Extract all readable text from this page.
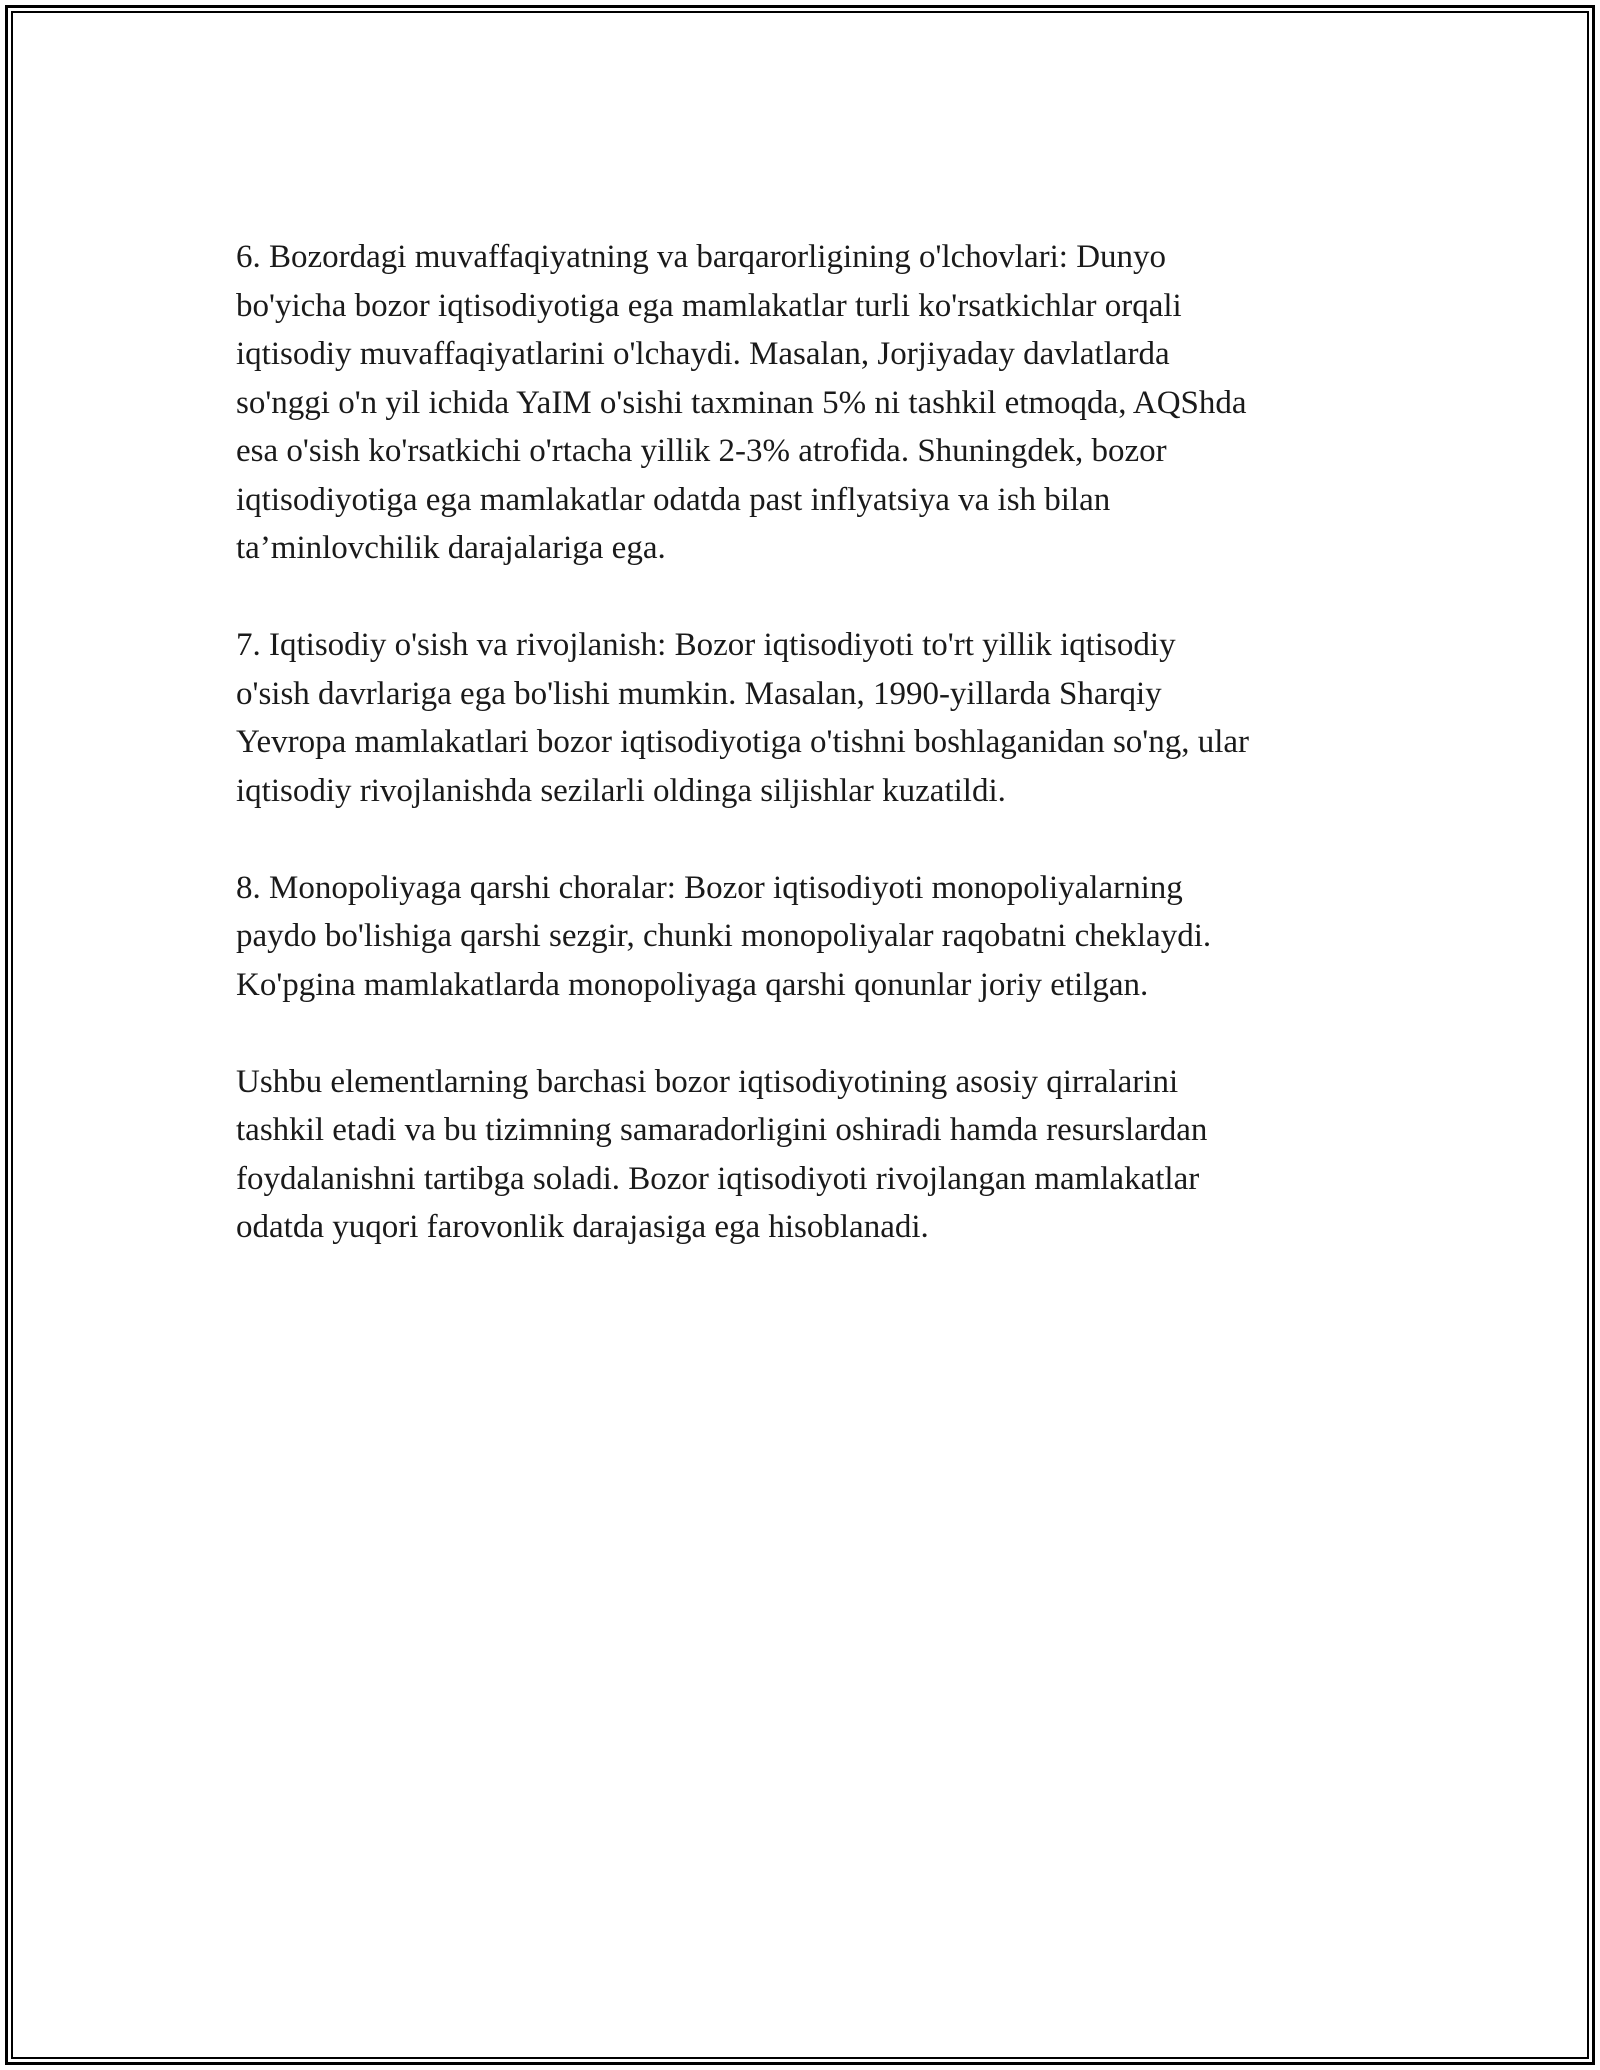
6. Bozordagi muvaffaqiyatning va barqarorligining o'lchovlari: Dunyo
bo'yicha bozor iqtisodiyotiga ega mamlakatlar turli ko'rsatkichlar orqali
iqtisodiy muvaffaqiyatlarini o'lchaydi. Masalan, Jorjiyaday davlatlarda
so'nggi o'n yil ichida YaIM o'sishi taxminan 5% ni tashkil etmoqda, AQShda
esa o'sish ko'rsatkichi o'rtacha yillik 2-3% atrofida. Shuningdek, bozor
iqtisodiyotiga ega mamlakatlar odatda past inflyatsiya va ish bilan
ta’minlovchilik darajalariga ega.

7. Iqtisodiy o'sish va rivojlanish: Bozor iqtisodiyoti to'rt yillik iqtisodiy
o'sish davrlariga ega bo'lishi mumkin. Masalan, 1990-yillarda Sharqiy
Yevropa mamlakatlari bozor iqtisodiyotiga o'tishni boshlaganidan so'ng, ular
iqtisodiy rivojlanishda sezilarli oldinga siljishlar kuzatildi.

8. Monopoliyaga qarshi choralar: Bozor iqtisodiyoti monopoliyalarning
paydo bo'lishiga qarshi sezgir, chunki monopoliyalar raqobatni cheklaydi.
Ko'pgina mamlakatlarda monopoliyaga qarshi qonunlar joriy etilgan.

Ushbu elementlarning barchasi bozor iqtisodiyotining asosiy qirralarini
tashkil etadi va bu tizimning samaradorligini oshiradi hamda resurslardan
foydalanishni tartibga soladi. Bozor iqtisodiyoti rivojlangan mamlakatlar
odatda yuqori farovonlik darajasiga ega hisoblanadi.
